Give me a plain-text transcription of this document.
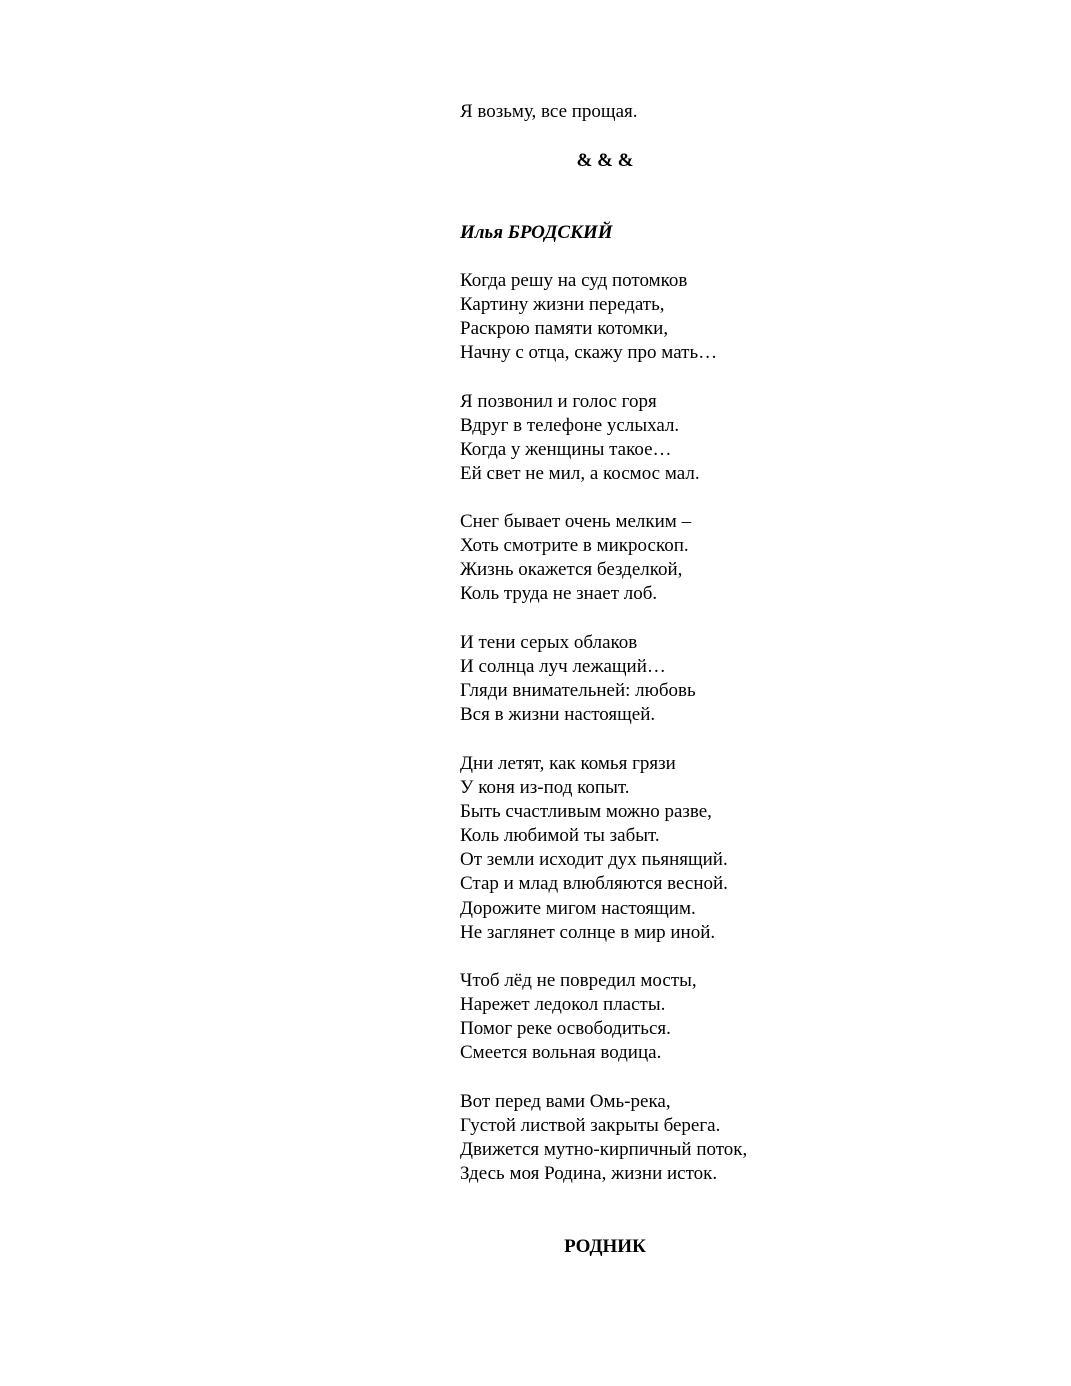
Я возьму, все прощая.
& & &
Илья БРОДСКИЙ
Когда решу на суд потомков
Картину жизни передать,
Раскрою памяти котомки,
Начну с отца, скажу про мать…
Я позвонил и голос горя
Вдруг в телефоне услыхал.
Когда у женщины такое…
Ей свет не мил, а космос мал.
Снег бывает очень мелким –
Хоть смотрите в микроскоп.
Жизнь окажется безделкой,
Коль труда не знает лоб.
И тени серых облаков
И солнца луч лежащий…
Гляди внимательней: любовь
Вся в жизни настоящей.
Дни летят, как комья грязи
У коня из-под копыт.
Быть счастливым можно разве,
Коль любимой ты забыт.
От земли исходит дух пьянящий.
Стар и млад влюбляются весной.
Дорожите мигом настоящим.
Не заглянет солнце в мир иной.
Чтоб лёд не повредил мосты,
Нарежет ледокол пласты.
Помог реке освободиться.
Смеется вольная водица.
Вот перед вами Омь-река,
Густой листвой закрыты берега.
Движется мутно-кирпичный поток,
Здесь моя Родина, жизни исток.
РОДНИК
